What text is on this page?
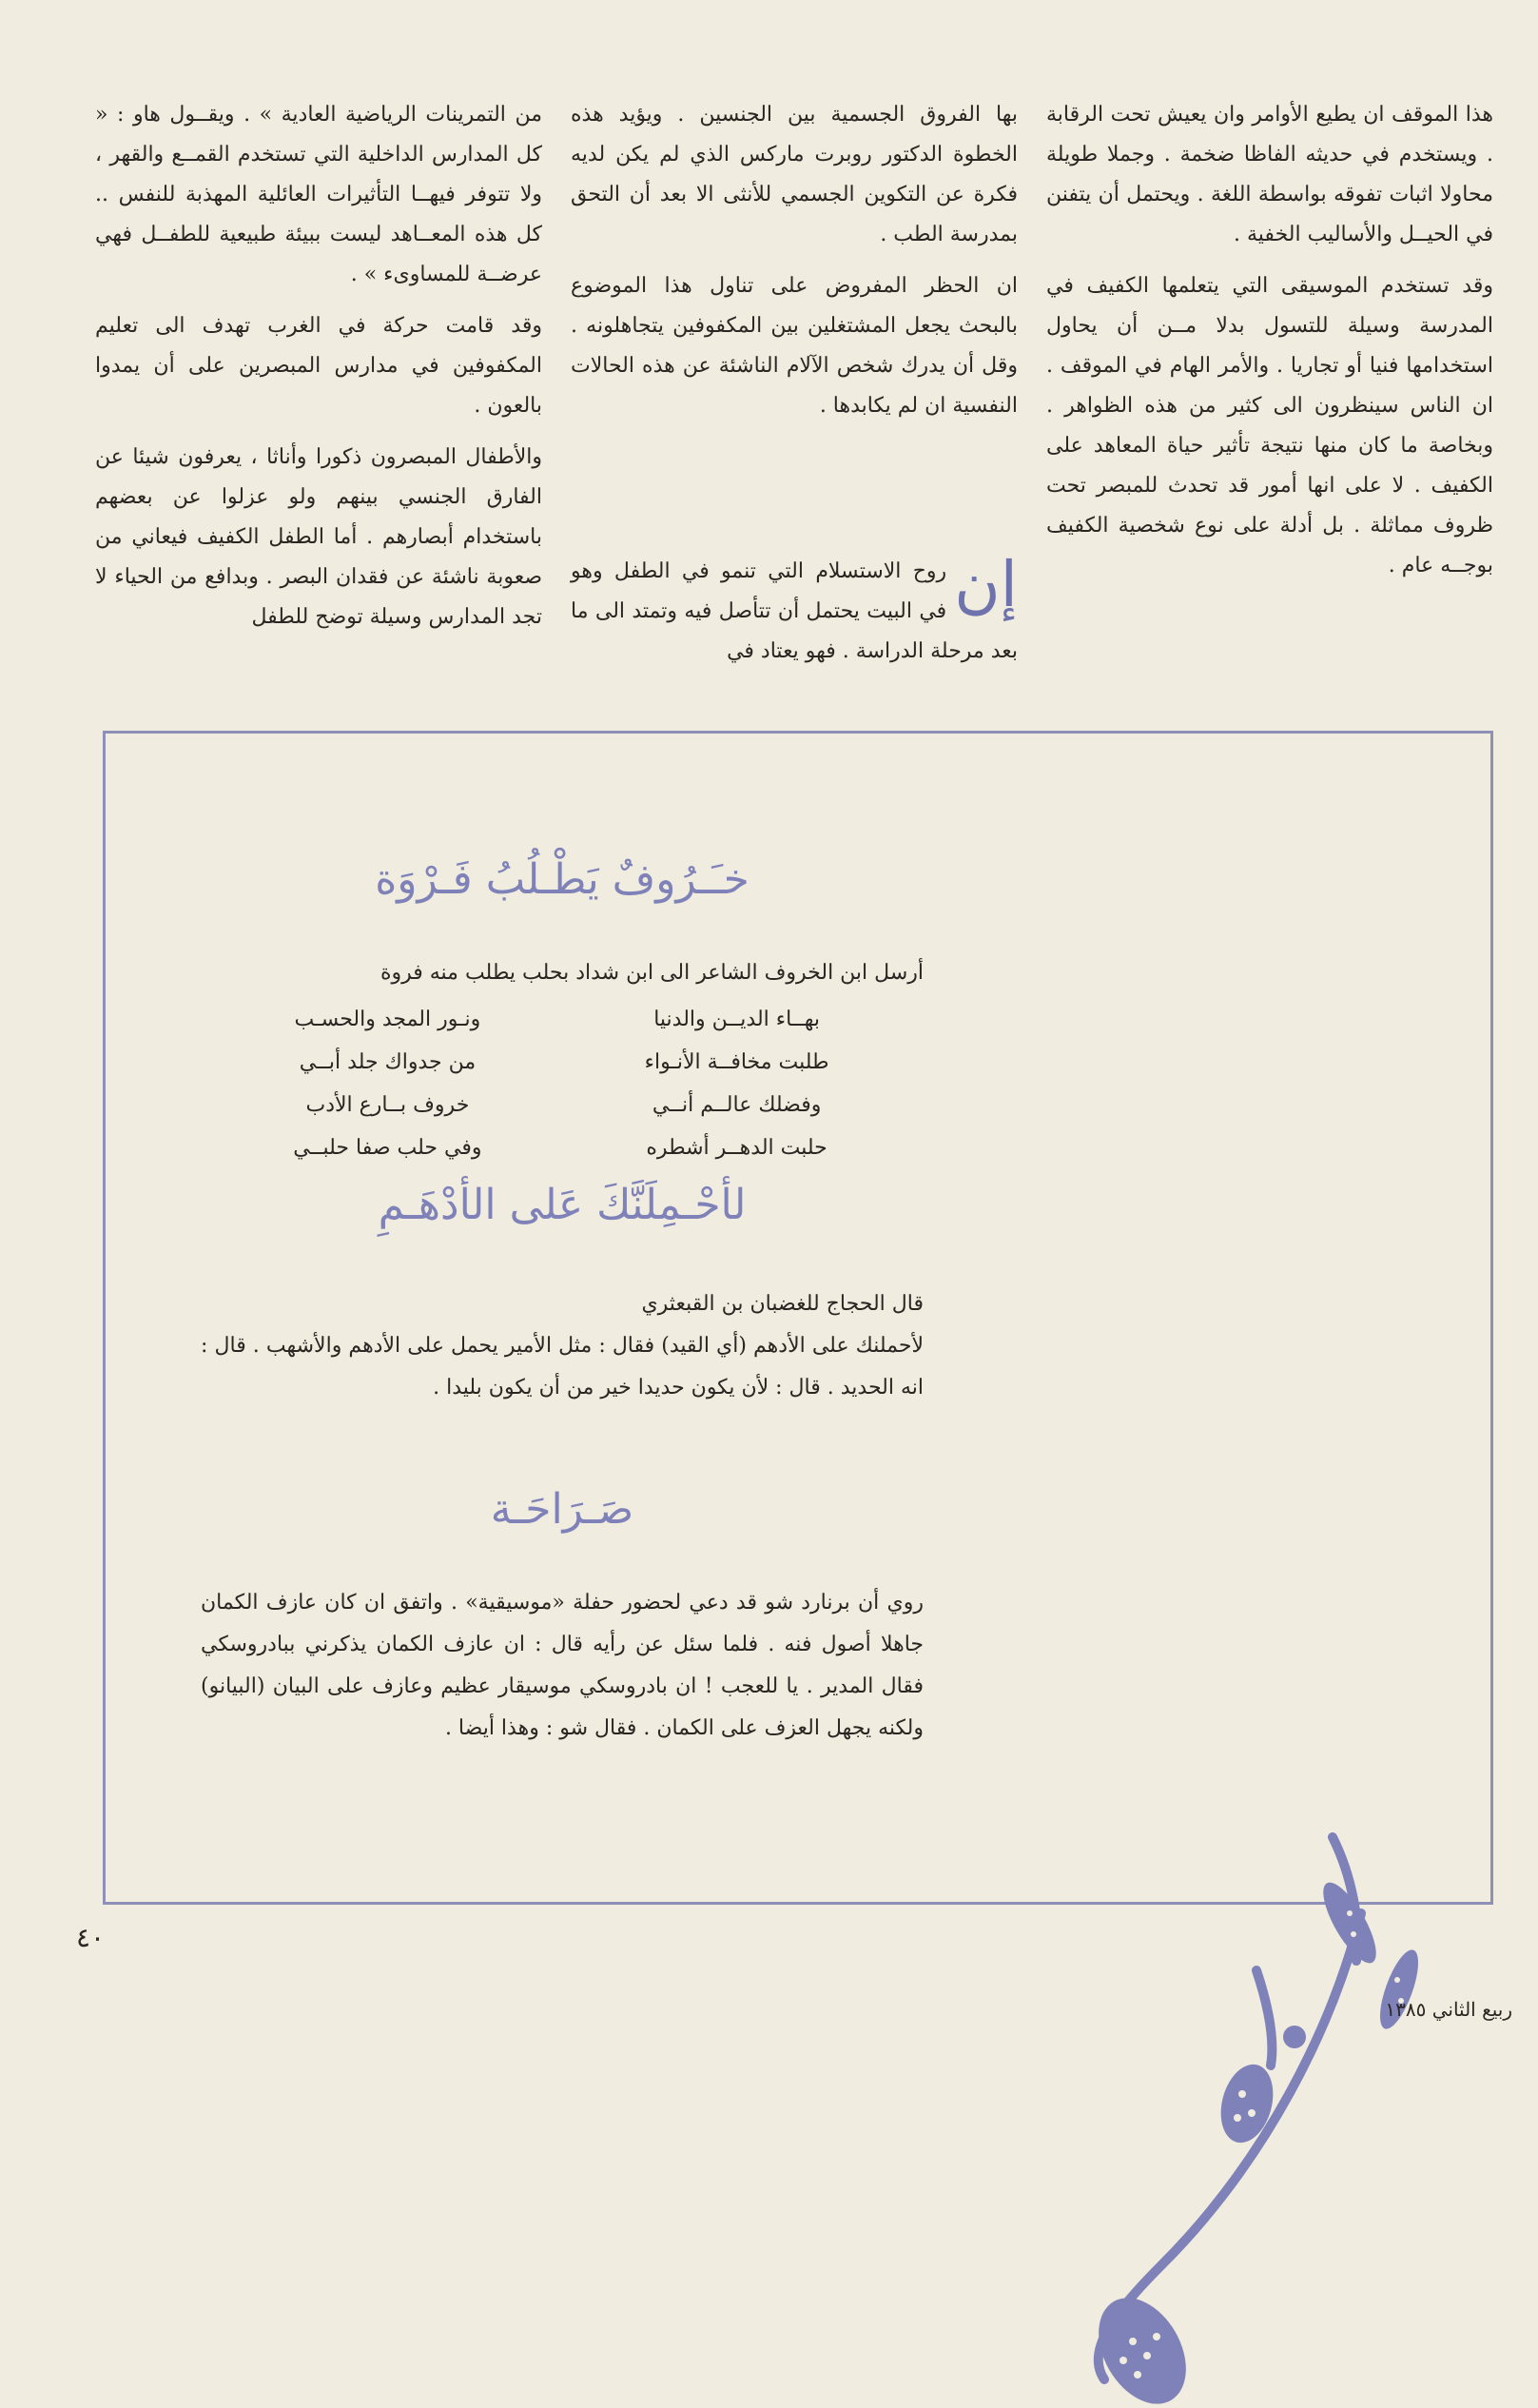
من التمرينات الرياضية العادية » . ويقــول هاو : « كل المدارس الداخلية التي تستخدم القمــع والقهر ، ولا تتوفر فيهــا التأثيرات العائلية المهذبة للنفس .. كل هذه المعــاهد ليست ببيئة طبيعية للطفــل فهي عرضــة للمساوىء » .

وقد قامت حركة في الغرب تهدف الى تعليم المكفوفين في مدارس المبصرين على أن يمدوا بالعون .

والأطفال المبصرون ذكورا وأناثا ، يعرفون شيئا عن الفارق الجنسي بينهم ولو عزلوا عن بعضهم باستخدام أبصارهم . أما الطفل الكفيف فيعاني من صعوبة ناشئة عن فقدان البصر . وبدافع من الحياء لا تجد المدارس وسيلة توضح للطفل

بها الفروق الجسمية بين الجنسين . ويؤيد هذه الخطوة الدكتور روبرت ماركس الذي لم يكن لديه فكرة عن التكوين الجسمي للأنثى الا بعد أن التحق بمدرسة الطب .

ان الحظر المفروض على تناول هذا الموضوع بالبحث يجعل المشتغلين بين المكفوفين يتجاهلونه . وقل أن يدرك شخص الآلام الناشئة عن هذه الحالات النفسية ان لم يكابدها .

إن
روح الاستسلام التي تنمو في الطفل وهو في البيت يحتمل أن تتأصل فيه وتمتد الى ما بعد مرحلة الدراسة . فهو يعتاد في

هذا الموقف ان يطيع الأوامر وان يعيش تحت الرقابة . ويستخدم في حديثه الفاظا ضخمة . وجملا طويلة محاولا اثبات تفوقه بواسطة اللغة . ويحتمل أن يتفنن في الحيــل والأساليب الخفية .

وقد تستخدم الموسيقى التي يتعلمها الكفيف في المدرسة وسيلة للتسول بدلا مــن أن يحاول استخدامها فنيا أو تجاريا . والأمر الهام في الموقف . ان الناس سينظرون الى كثير من هذه الظواهر . وبخاصة ما كان منها نتيجة تأثير حياة المعاهد على الكفيف . لا على انها أمور قد تحدث للمبصر تحت ظروف مماثلة . بل أدلة على نوع شخصية الكفيف بوجــه عام .

خـَـرُوفٌ يَطْـلُبُ فَـرْوَة
أرسل ابن الخروف الشاعر الى ابن شداد بحلب يطلب منه فروة
بهــاء الديــن والدنيا
ونـور المجد والحسـب
طلبت مخافــة الأنـواء
من جدواك جلد أبــي
وفضلك عالــم أنــي
خروف بــارع الأدب
حلبت الدهــر أشطره
وفي حلب صفا حلبــي
لأحْـمِلَنَّكَ عَلى الأدْهَـمِ
قال الحجاج للغضبان بن القبعثري
لأحملنك على الأدهم (أي القيد) فقال : مثل الأمير يحمل على الأدهم والأشهب . قال : انه الحديد . قال : لأن يكون حديدا خير من أن يكون بليدا .
صَـرَاحَـة
روي أن برنارد شو قد دعي لحضور حفلة «موسيقية» . واتفق ان كان عازف الكمان جاهلا أصول فنه . فلما سئل عن رأيه قال : ان عازف الكمان يذكرني ببادروسكي فقال المدير . يا للعجب ! ان بادروسكي موسيقار عظيم وعازف على البيان (البيانو) ولكنه يجهل العزف على الكمان . فقال شو : وهذا أيضا .
٤٠
ربيع الثاني ١٣٨٥
